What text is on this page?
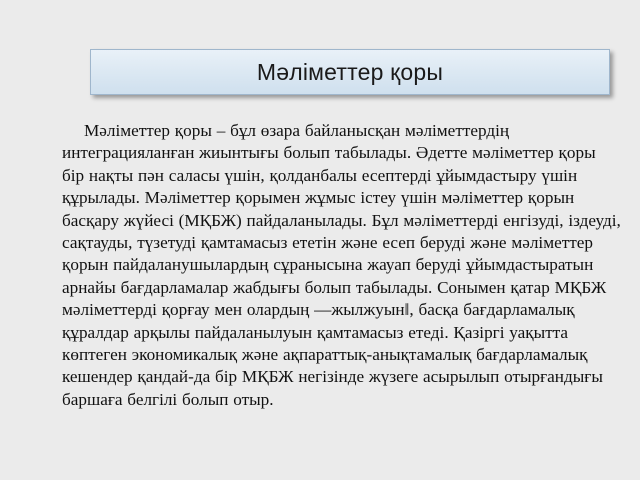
Мәліметтер қоры

Мәліметтер қоры – бұл өзара байланысқан мәліметтердің интеграцияланған жиынтығы болып табылады. Әдетте мәліметтер қоры бір нақты пән саласы үшін, қолданбалы есептерді ұйымдастыру үшін құрылады. Мәліметтер қорымен жұмыс істеу үшін мәліметтер қорын басқару жүйесі (МҚБЖ) пайдаланылады. Бұл мәліметтерді енгізуді, іздеуді, сақтауды, түзетуді қамтамасыз ететін және есеп беруді және мәліметтер қорын пайдаланушылардың сұранысына жауап беруді ұйымдастыратын арнайы бағдарламалар жабдығы болып табылады. Сонымен қатар МҚБЖ мәліметтерді қорғау мен олардың ―жылжуын‖, басқа бағдарламалық құралдар арқылы пайдаланылуын қамтамасыз етеді. Қазіргі уақытта көптеген экономикалық және ақпараттық-анықтамалық бағдарламалық кешендер қандай-да бір МҚБЖ негізінде жүзеге асырылып отырғандығы баршаға белгілі болып отыр.
